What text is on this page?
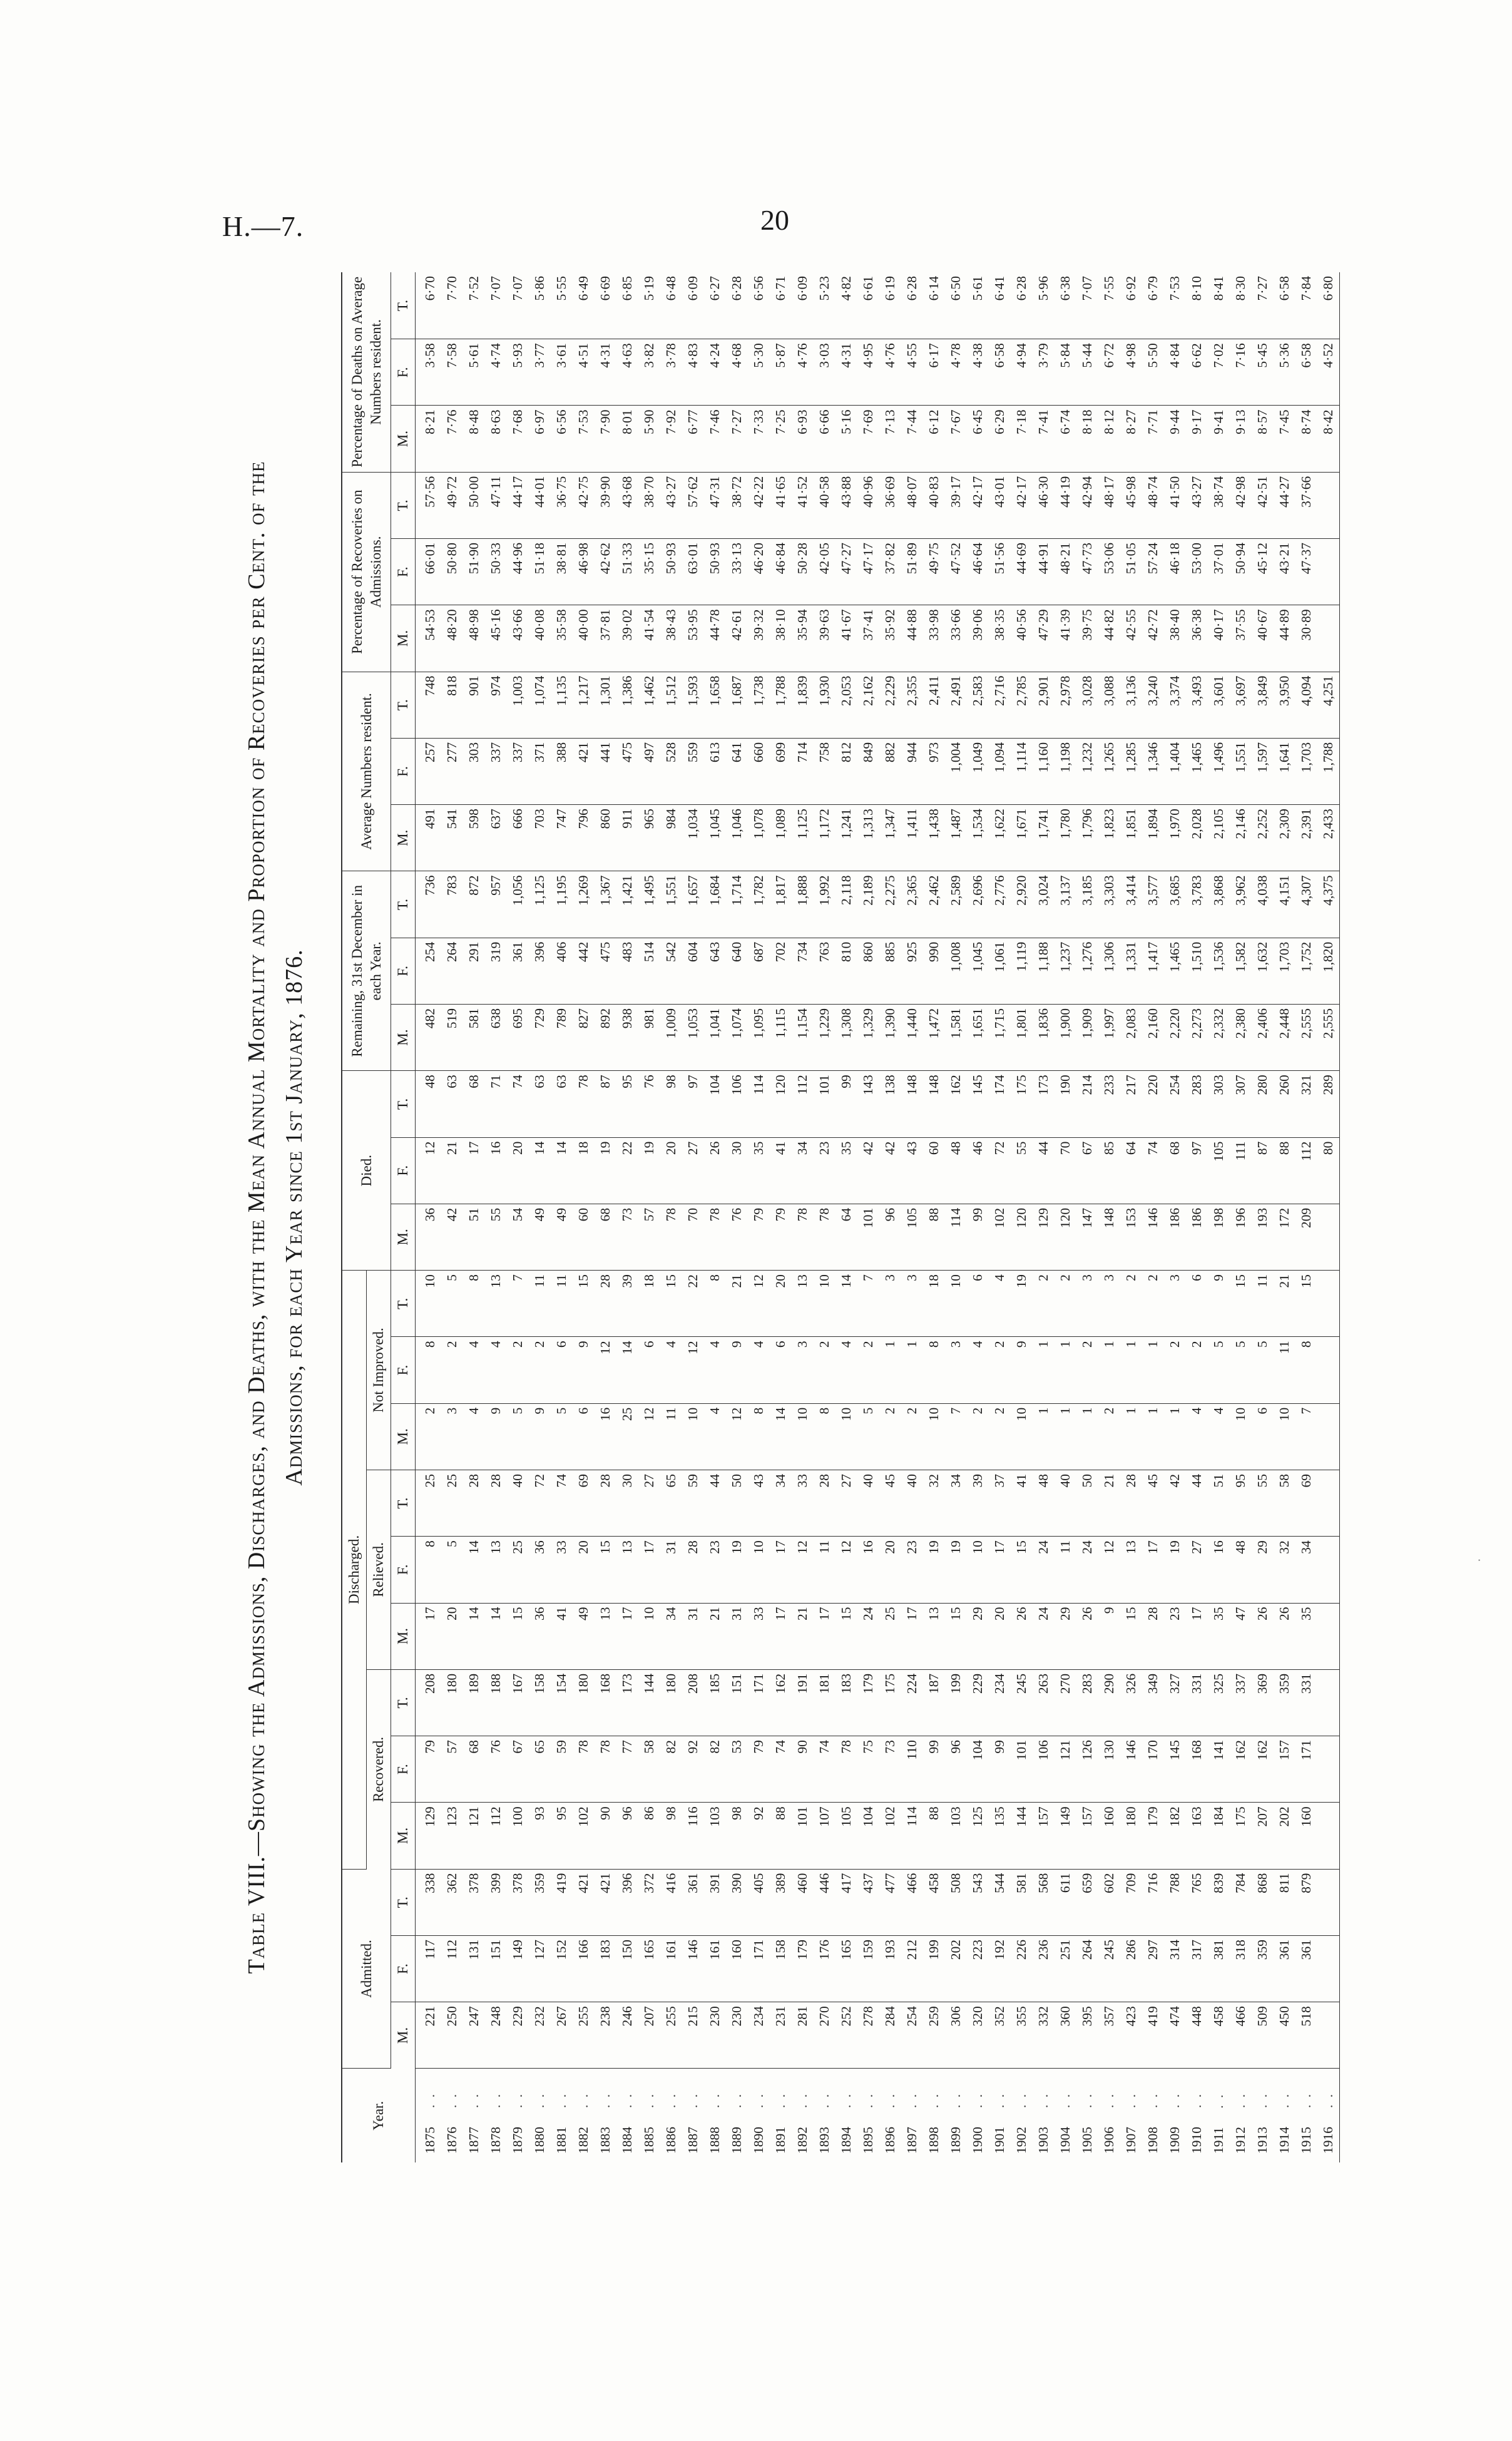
H.—7.	20
Table VIII.—Showing the Admissions, Discharges, and Deaths, with the Mean Annual Mortality and Proportion of Recoveries per Cent. of the Admissions, for each Year since 1st January, 1876.
Year.	Admitted.			Discharged.									Died.			Remaining, 31st December in each Year.			Average Numbers resident.			Percentage of Recoveries on Admissions.			Percentage of Deaths on Average Numbers resident.		
				Recovered.			Relieved.			Not Improved.																	
	M.	F.	T.	M.	F.	T.	M.	F.	T.	M.	F.	T.	M.	F.	T.	M.	F.	T.	M.	F.	T.	M.	F.	T.	M.	F.	T.
1875. .	221	117	338	129	79	208	17	8	25	2	8	10	36	12	48	482	254	736	491	257	748	54·53	66·01	57·56	8·21	3·58	6·70
1876. .	250	112	362	123	57	180	20	5	25	3	2	5	42	21	63	519	264	783	541	277	818	48·20	50·80	49·72	7·76	7·58	7·70
1877. .	247	131	378	121	68	189	14	14	28	4	4	8	51	17	68	581	291	872	598	303	901	48·98	51·90	50·00	8·48	5·61	7·52
1878. .	248	151	399	112	76	188	14	13	28	9	4	13	55	16	71	638	319	957	637	337	974	45·16	50·33	47·11	8·63	4·74	7·07
1879. .	229	149	378	100	67	167	15	25	40	5	2	7	54	20	74	695	361	1,056	666	337	1,003	43·66	44·96	44·17	7·68	5·93	7·07
1880. .	232	127	359	93	65	158	36	36	72	9	2	11	49	14	63	729	396	1,125	703	371	1,074	40·08	51·18	44·01	6·97	3·77	5·86
1881. .	267	152	419	95	59	154	41	33	74	5	6	11	49	14	63	789	406	1,195	747	388	1,135	35·58	38·81	36·75	6·56	3·61	5·55
1882. .	255	166	421	102	78	180	49	20	69	6	9	15	60	18	78	827	442	1,269	796	421	1,217	40·00	46·98	42·75	7·53	4·51	6·49
1883. .	238	183	421	90	78	168	13	15	28	16	12	28	68	19	87	892	475	1,367	860	441	1,301	37·81	42·62	39·90	7·90	4·31	6·69
1884. .	246	150	396	96	77	173	17	13	30	25	14	39	73	22	95	938	483	1,421	911	475	1,386	39·02	51·33	43·68	8·01	4·63	6·85
1885. .	207	165	372	86	58	144	10	17	27	12	6	18	57	19	76	981	514	1,495	965	497	1,462	41·54	35·15	38·70	5·90	3·82	5·19
1886. .	255	161	416	98	82	180	34	31	65	11	4	15	78	20	98	1,009	542	1,551	984	528	1,512	38·43	50·93	43·27	7·92	3·78	6·48
1887. .	215	146	361	116	92	208	31	28	59	10	12	22	70	27	97	1,053	604	1,657	1,034	559	1,593	53·95	63·01	57·62	6·77	4·83	6·09
1888. .	230	161	391	103	82	185	21	23	44	4	4	8	78	26	104	1,041	643	1,684	1,045	613	1,658	44·78	50·93	47·31	7·46	4·24	6·27
1889. .	230	160	390	98	53	151	31	19	50	12	9	21	76	30	106	1,074	640	1,714	1,046	641	1,687	42·61	33·13	38·72	7·27	4·68	6·28
1890. .	234	171	405	92	79	171	33	10	43	8	4	12	79	35	114	1,095	687	1,782	1,078	660	1,738	39·32	46·20	42·22	7·33	5·30	6·56
1891. .	231	158	389	88	74	162	17	17	34	14	6	20	79	41	120	1,115	702	1,817	1,089	699	1,788	38·10	46·84	41·65	7·25	5·87	6·71
1892. .	281	179	460	101	90	191	21	12	33	10	3	13	78	34	112	1,154	734	1,888	1,125	714	1,839	35·94	50·28	41·52	6·93	4·76	6·09
1893. .	270	176	446	107	74	181	17	11	28	8	2	10	78	23	101	1,229	763	1,992	1,172	758	1,930	39·63	42·05	40·58	6·66	3·03	5·23
1894. .	252	165	417	105	78	183	15	12	27	10	4	14	64	35	99	1,308	810	2,118	1,241	812	2,053	41·67	47·27	43·88	5·16	4·31	4·82
1895. .	278	159	437	104	75	179	24	16	40	5	2	7	101	42	143	1,329	860	2,189	1,313	849	2,162	37·41	47·17	40·96	7·69	4·95	6·61
1896. .	284	193	477	102	73	175	25	20	45	2	1	3	96	42	138	1,390	885	2,275	1,347	882	2,229	35·92	37·82	36·69	7·13	4·76	6·19
1897. .	254	212	466	114	110	224	17	23	40	2	1	3	105	43	148	1,440	925	2,365	1,411	944	2,355	44·88	51·89	48·07	7·44	4·55	6·28
1898. .	259	199	458	88	99	187	13	19	32	10	8	18	88	60	148	1,472	990	2,462	1,438	973	2,411	33·98	49·75	40·83	6·12	6·17	6·14
1899. .	306	202	508	103	96	199	15	19	34	7	3	10	114	48	162	1,581	1,008	2,589	1,487	1,004	2,491	33·66	47·52	39·17	7·67	4·78	6·50
1900. .	320	223	543	125	104	229	29	10	39	2	4	6	99	46	145	1,651	1,045	2,696	1,534	1,049	2,583	39·06	46·64	42·17	6·45	4·38	5·61
1901. .	352	192	544	135	99	234	20	17	37	2	2	4	102	72	174	1,715	1,061	2,776	1,622	1,094	2,716	38·35	51·56	43·01	6·29	6·58	6·41
1902. .	355	226	581	144	101	245	26	15	41	10	9	19	120	55	175	1,801	1,119	2,920	1,671	1,114	2,785	40·56	44·69	42·17	7·18	4·94	6·28
1903. .	332	236	568	157	106	263	24	24	48	1	1	2	129	44	173	1,836	1,188	3,024	1,741	1,160	2,901	47·29	44·91	46·30	7·41	3·79	5·96
1904. .	360	251	611	149	121	270	29	11	40	1	1	2	120	70	190	1,900	1,237	3,137	1,780	1,198	2,978	41·39	48·21	44·19	6·74	5·84	6·38
1905. .	395	264	659	157	126	283	26	24	50	1	2	3	147	67	214	1,909	1,276	3,185	1,796	1,232	3,028	39·75	47·73	42·94	8·18	5·44	7·07
1906. .	357	245	602	160	130	290	9	12	21	2	1	3	148	85	233	1,997	1,306	3,303	1,823	1,265	3,088	44·82	53·06	48·17	8·12	6·72	7·55
1907. .	423	286	709	180	146	326	15	13	28	1	1	2	153	64	217	2,083	1,331	3,414	1,851	1,285	3,136	42·55	51·05	45·98	8·27	4·98	6·92
1908. .	419	297	716	179	170	349	28	17	45	1	1	2	146	74	220	2,160	1,417	3,577	1,894	1,346	3,240	42·72	57·24	48·74	7·71	5·50	6·79
1909. .	474	314	788	182	145	327	23	19	42	1	2	3	186	68	254	2,220	1,465	3,685	1,970	1,404	3,374	38·40	46·18	41·50	9·44	4·84	7·53
1910. .	448	317	765	163	168	331	17	27	44	4	2	6	186	97	283	2,273	1,510	3,783	2,028	1,465	3,493	36·38	53·00	43·27	9·17	6·62	8·10
1911. .	458	381	839	184	141	325	35	16	51	4	5	9	198	105	303	2,332	1,536	3,868	2,105	1,496	3,601	40·17	37·01	38·74	9·41	7·02	8·41
1912. .	466	318	784	175	162	337	47	48	95	10	5	15	196	111	307	2,380	1,582	3,962	2,146	1,551	3,697	37·55	50·94	42·98	9·13	7·16	8·30
1913. .	509	359	868	207	162	369	26	29	55	6	5	11	193	87	280	2,406	1,632	4,038	2,252	1,597	3,849	40·67	45·12	42·51	8·57	5·45	7·27
1914. .	450	361	811	202	157	359	26	32	58	10	11	21	172	88	260	2,448	1,703	4,151	2,309	1,641	3,950	44·89	43·21	44·27	7·45	5·36	6·58
1915. .	518	361	879	160	171	331	35	34	69	7	8	15	209	112	321	2,555	1,752	4,307	2,391	1,703	4,094	30·89	47·37	37·66	8·74	6·58	7·84
1916. .														80	289	2,555	1,820	4,375	2,433	1,788	4,251				8·42	4·52	6·80
·
